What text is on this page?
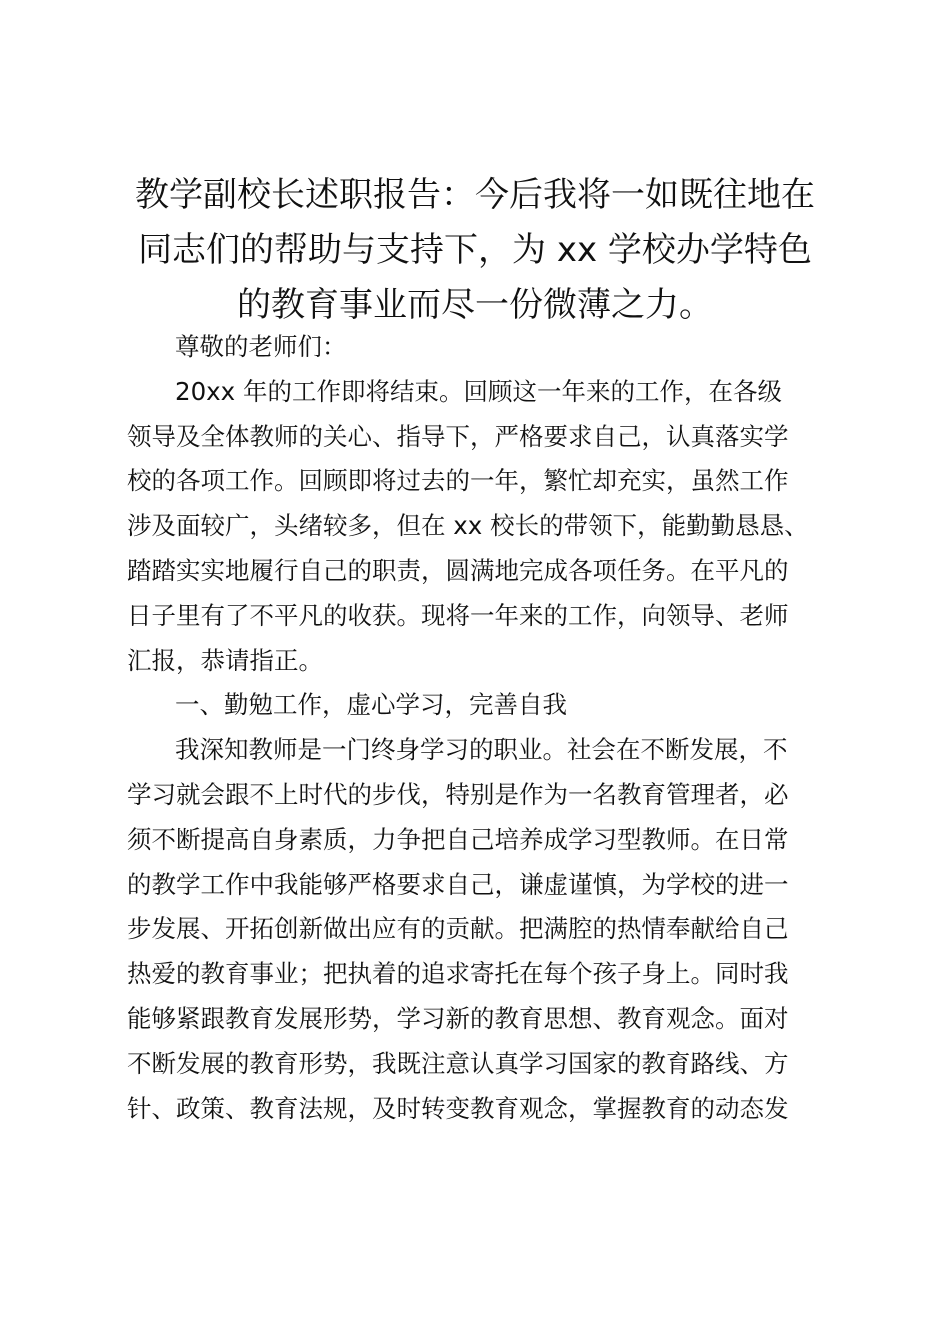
教学副校长述职报告：今后我将一如既往地在
同志们的帮助与支持下，为 xx 学校办学特色
的教育事业而尽一份微薄之力。
尊敬的老师们：
20xx 年的工作即将结束。回顾这一年来的工作，在各级
领导及全体教师的关心、指导下，严格要求自己，认真落实学
校的各项工作。回顾即将过去的一年，繁忙却充实，虽然工作
涉及面较广，头绪较多，但在 xx 校长的带领下，能勤勤恳恳、
踏踏实实地履行自己的职责，圆满地完成各项任务。在平凡的
日子里有了不平凡的收获。现将一年来的工作，向领导、老师
汇报，恭请指正。
一、勤勉工作，虚心学习，完善自我
我深知教师是一门终身学习的职业。社会在不断发展，不
学习就会跟不上时代的步伐，特别是作为一名教育管理者，必
须不断提高自身素质，力争把自己培养成学习型教师。在日常
的教学工作中我能够严格要求自己，谦虚谨慎，为学校的进一
步发展、开拓创新做出应有的贡献。把满腔的热情奉献给自己
热爱的教育事业；把执着的追求寄托在每个孩子身上。同时我
能够紧跟教育发展形势，学习新的教育思想、教育观念。面对
不断发展的教育形势，我既注意认真学习国家的教育路线、方
针、政策、教育法规，及时转变教育观念，掌握教育的动态发
